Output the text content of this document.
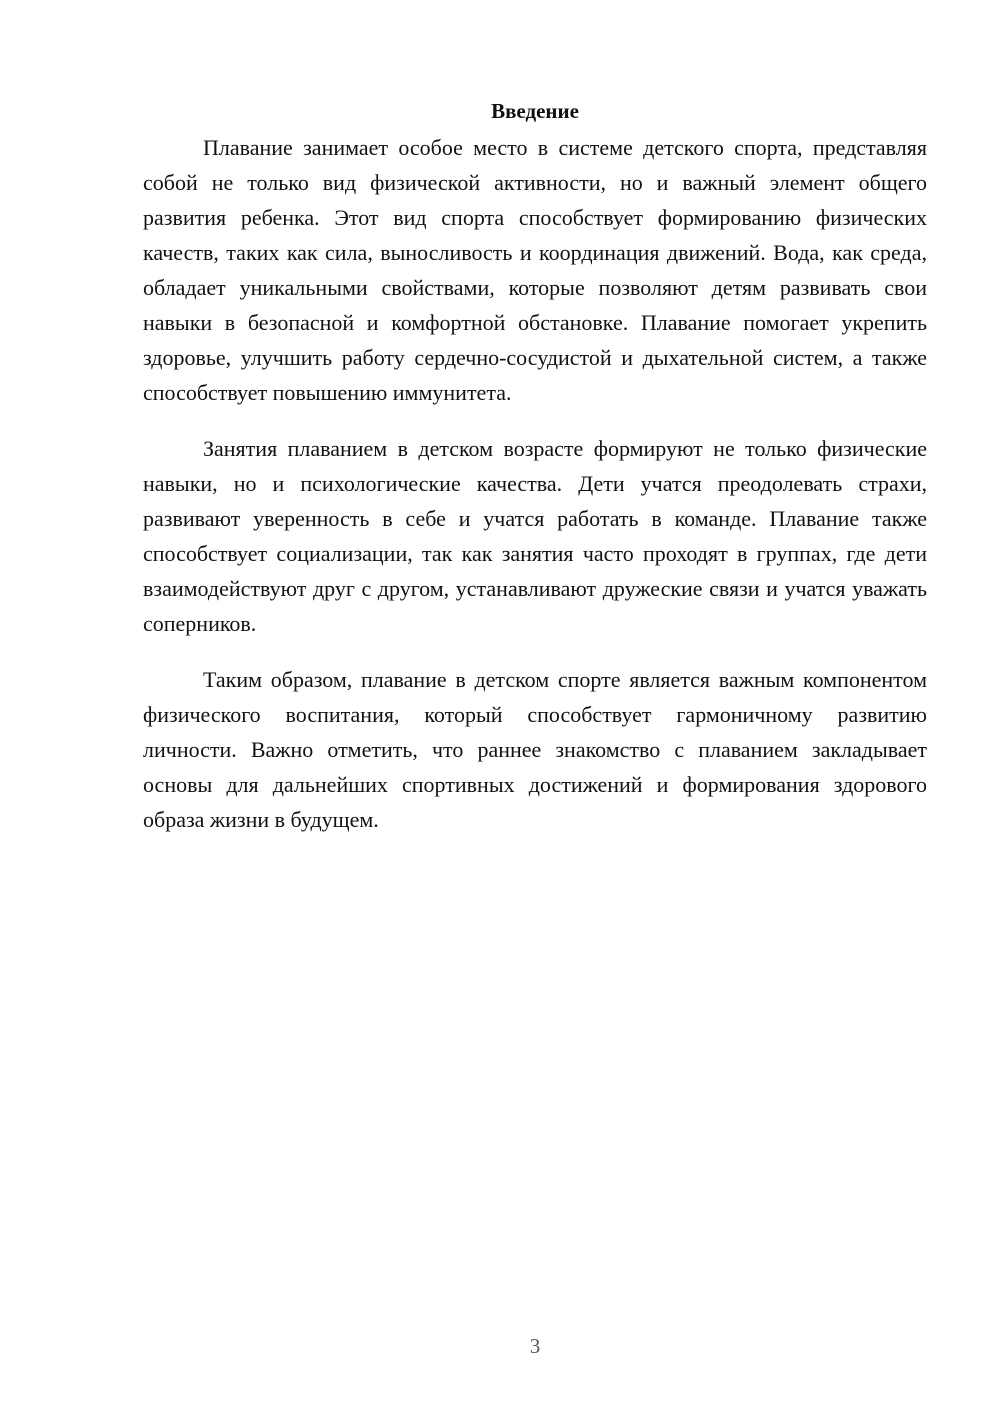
Введение

Плавание занимает особое место в системе детского спорта, представляя собой не только вид физической активности, но и важный элемент общего развития ребенка. Этот вид спорта способствует формированию физических качеств, таких как сила, выносливость и координация движений. Вода, как среда, обладает уникальными свойствами, которые позволяют детям развивать свои навыки в безопасной и комфортной обстановке. Плавание помогает укрепить здоровье, улучшить работу сердечно-сосудистой и дыхательной систем, а также способствует повышению иммунитета.

Занятия плаванием в детском возрасте формируют не только физические навыки, но и психологические качества. Дети учатся преодолевать страхи, развивают уверенность в себе и учатся работать в команде. Плавание также способствует социализации, так как занятия часто проходят в группах, где дети взаимодействуют друг с другом, устанавливают дружеские связи и учатся уважать соперников.

Таким образом, плавание в детском спорте является важным компонентом физического воспитания, который способствует гармоничному развитию личности. Важно отметить, что раннее знакомство с плаванием закладывает основы для дальнейших спортивных достижений и формирования здорового образа жизни в будущем.

3
